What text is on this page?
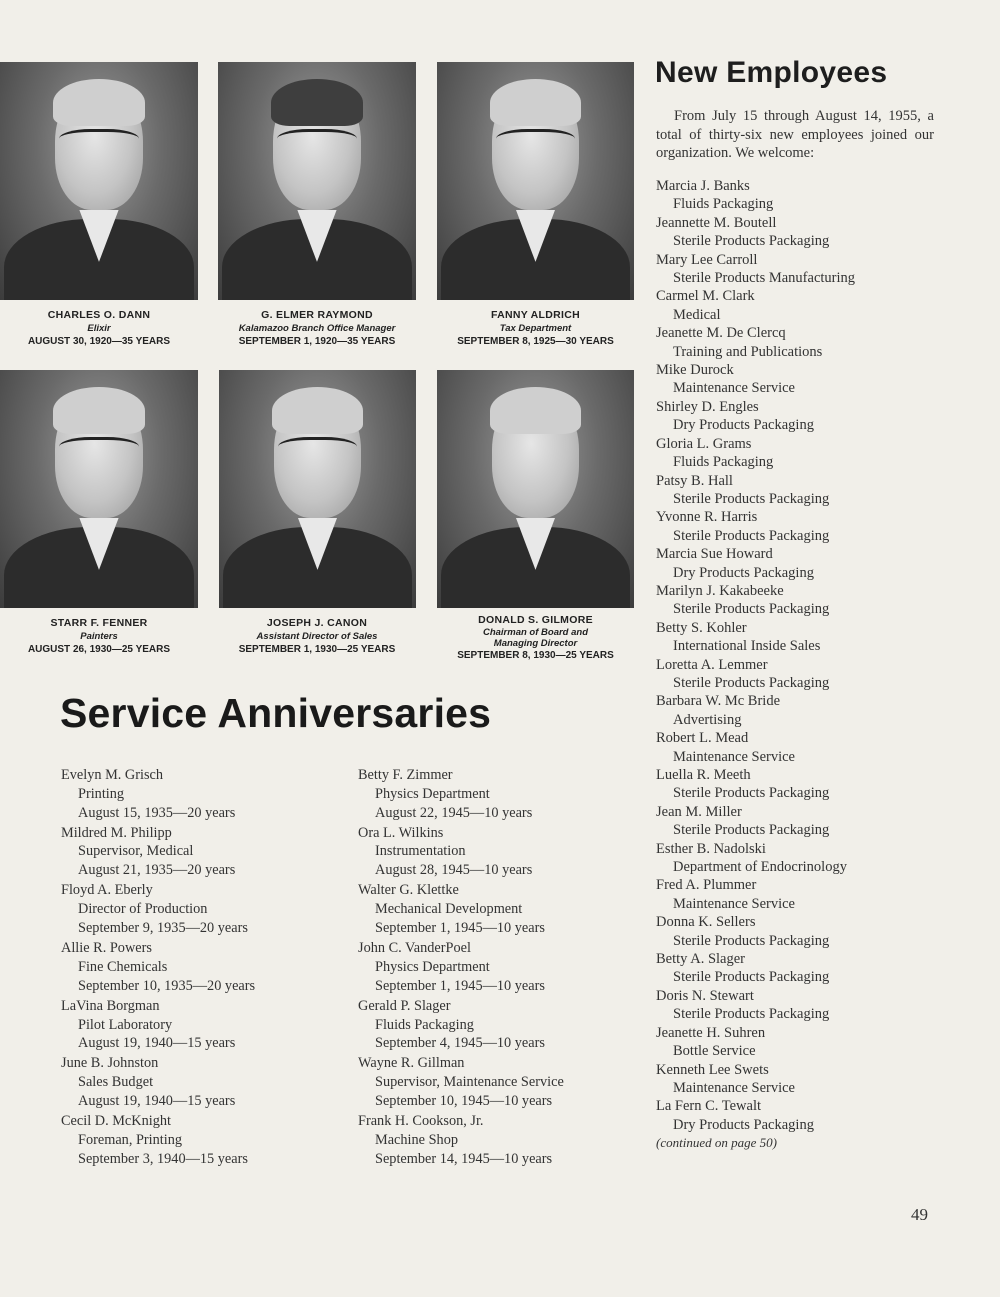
CHARLES O. DANN
Elixir
AUGUST 30, 1920—35 YEARS
G. ELMER RAYMOND
Kalamazoo Branch Office Manager
SEPTEMBER 1, 1920—35 YEARS
FANNY ALDRICH
Tax Department
SEPTEMBER 8, 1925—30 YEARS
STARR F. FENNER
Painters
AUGUST 26, 1930—25 YEARS
JOSEPH J. CANON
Assistant Director of Sales
SEPTEMBER 1, 1930—25 YEARS
DONALD S. GILMORE
Chairman of Board and Managing Director
SEPTEMBER 8, 1930—25 YEARS
New Employees
From July 15 through August 14, 1955, a total of thirty-six new employees joined our organization. We welcome:
Marcia J. Banks
Fluids Packaging
Jeannette M. Boutell
Sterile Products Packaging
Mary Lee Carroll
Sterile Products Manufacturing
Carmel M. Clark
Medical
Jeanette M. De Clercq
Training and Publications
Mike Durock
Maintenance Service
Shirley D. Engles
Dry Products Packaging
Gloria L. Grams
Fluids Packaging
Patsy B. Hall
Sterile Products Packaging
Yvonne R. Harris
Sterile Products Packaging
Marcia Sue Howard
Dry Products Packaging
Marilyn J. Kakabeeke
Sterile Products Packaging
Betty S. Kohler
International Inside Sales
Loretta A. Lemmer
Sterile Products Packaging
Barbara W. Mc Bride
Advertising
Robert L. Mead
Maintenance Service
Luella R. Meeth
Sterile Products Packaging
Jean M. Miller
Sterile Products Packaging
Esther B. Nadolski
Department of Endocrinology
Fred A. Plummer
Maintenance Service
Donna K. Sellers
Sterile Products Packaging
Betty A. Slager
Sterile Products Packaging
Doris N. Stewart
Sterile Products Packaging
Jeanette H. Suhren
Bottle Service
Kenneth Lee Swets
Maintenance Service
La Fern C. Tewalt
Dry Products Packaging
(continued on page 50)
Service Anniversaries
Evelyn M. Grisch
Printing
August 15, 1935—20 years
Mildred M. Philipp
Supervisor, Medical
August 21, 1935—20 years
Floyd A. Eberly
Director of Production
September 9, 1935—20 years
Allie R. Powers
Fine Chemicals
September 10, 1935—20 years
LaVina Borgman
Pilot Laboratory
August 19, 1940—15 years
June B. Johnston
Sales Budget
August 19, 1940—15 years
Cecil D. McKnight
Foreman, Printing
September 3, 1940—15 years
Betty F. Zimmer
Physics Department
August 22, 1945—10 years
Ora L. Wilkins
Instrumentation
August 28, 1945—10 years
Walter G. Klettke
Mechanical Development
September 1, 1945—10 years
John C. VanderPoel
Physics Department
September 1, 1945—10 years
Gerald P. Slager
Fluids Packaging
September 4, 1945—10 years
Wayne R. Gillman
Supervisor, Maintenance Service
September 10, 1945—10 years
Frank H. Cookson, Jr.
Machine Shop
September 14, 1945—10 years
49
